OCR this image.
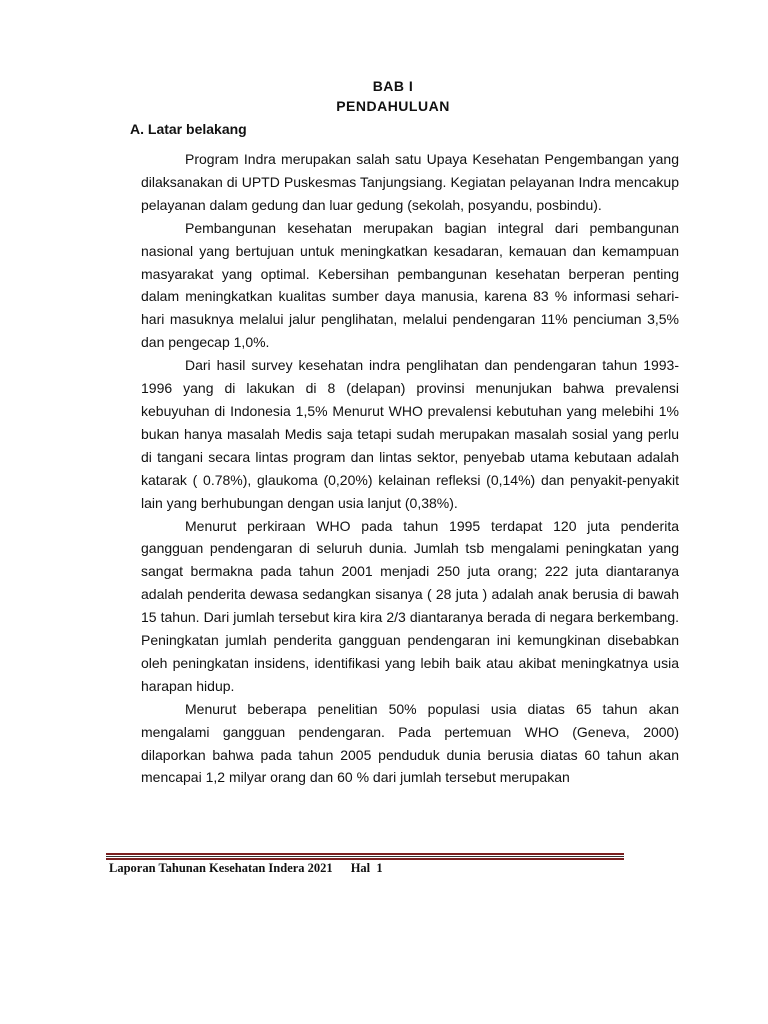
BAB I
PENDAHULUAN
A. Latar belakang

Program Indra merupakan salah satu Upaya Kesehatan Pengembangan yang dilaksanakan di UPTD Puskesmas Tanjungsiang. Kegiatan pelayanan Indra mencakup pelayanan dalam gedung dan luar gedung (sekolah, posyandu, posbindu).

Pembangunan kesehatan merupakan bagian integral dari pembangunan nasional yang bertujuan untuk meningkatkan kesadaran, kemauan dan kemampuan masyarakat yang optimal. Kebersihan pembangunan kesehatan berperan penting dalam meningkatkan kualitas sumber daya manusia, karena 83 % informasi sehari- hari masuknya melalui jalur penglihatan, melalui pendengaran 11% penciuman 3,5% dan pengecap 1,0%.

Dari hasil survey kesehatan indra penglihatan dan pendengaran tahun 1993-1996 yang di lakukan di 8 (delapan) provinsi menunjukan bahwa prevalensi kebuyuhan di Indonesia 1,5% Menurut WHO prevalensi kebutuhan yang melebihi 1% bukan hanya masalah Medis saja tetapi sudah merupakan masalah sosial yang perlu di tangani secara lintas program dan lintas sektor, penyebab utama kebutaan adalah katarak ( 0.78%), glaukoma (0,20%) kelainan refleksi (0,14%) dan penyakit-penyakit lain yang berhubungan dengan usia lanjut (0,38%).

Menurut perkiraan WHO pada tahun 1995 terdapat 120 juta penderita gangguan pendengaran di seluruh dunia. Jumlah tsb mengalami peningkatan yang sangat bermakna pada tahun 2001 menjadi 250 juta orang; 222 juta diantaranya adalah penderita dewasa sedangkan sisanya ( 28 juta ) adalah anak berusia di bawah 15 tahun. Dari jumlah tersebut kira kira 2/3 diantaranya berada di negara berkembang. Peningkatan jumlah penderita gangguan pendengaran ini kemungkinan disebabkan oleh peningkatan insidens, identifikasi yang lebih baik atau akibat meningkatnya usia harapan hidup.

Menurut beberapa penelitian 50% populasi usia diatas 65 tahun akan mengalami gangguan pendengaran. Pada pertemuan WHO (Geneva, 2000) dilaporkan bahwa pada tahun 2005 penduduk dunia berusia diatas 60 tahun akan mencapai 1,2 milyar orang dan 60 % dari jumlah tersebut merupakan

Laporan Tahunan Kesehatan Indera 2021 Hal  1
